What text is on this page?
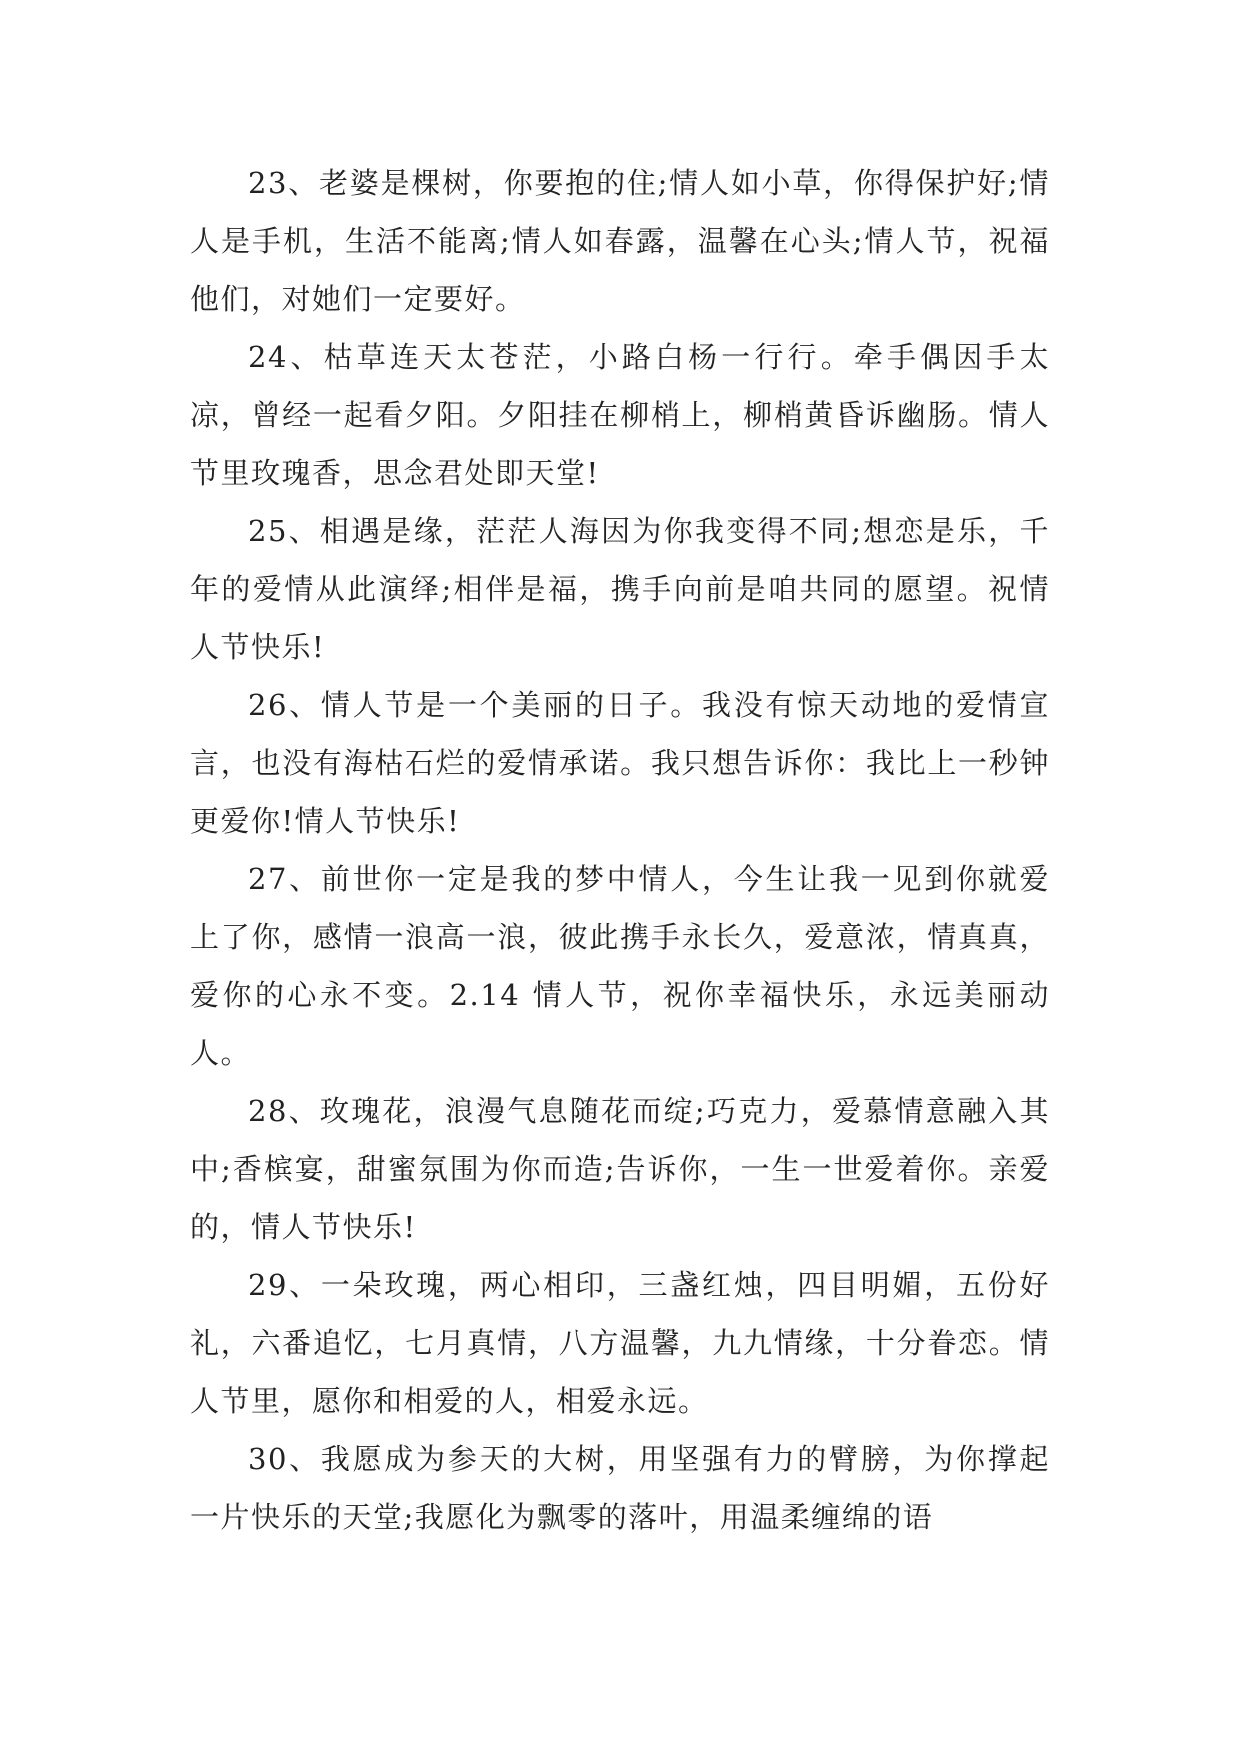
23、老婆是棵树，你要抱的住;情人如小草，你得保护好;情人是手机，生活不能离;情人如春露，温馨在心头;情人节，祝福他们，对她们一定要好。

24、枯草连天太苍茫，小路白杨一行行。牵手偶因手太凉，曾经一起看夕阳。夕阳挂在柳梢上，柳梢黄昏诉幽肠。情人节里玫瑰香，思念君处即天堂!

25、相遇是缘，茫茫人海因为你我变得不同;想恋是乐，千年的爱情从此演绎;相伴是福，携手向前是咱共同的愿望。祝情人节快乐!

26、情人节是一个美丽的日子。我没有惊天动地的爱情宣言，也没有海枯石烂的爱情承诺。我只想告诉你：我比上一秒钟更爱你!情人节快乐!

27、前世你一定是我的梦中情人，今生让我一见到你就爱上了你，感情一浪高一浪，彼此携手永长久，爱意浓，情真真，爱你的心永不变。2.14 情人节，祝你幸福快乐，永远美丽动人。

28、玫瑰花，浪漫气息随花而绽;巧克力，爱慕情意融入其中;香槟宴，甜蜜氛围为你而造;告诉你，一生一世爱着你。亲爱的，情人节快乐!

29、一朵玫瑰，两心相印，三盏红烛，四目明媚，五份好礼，六番追忆，七月真情，八方温馨，九九情缘，十分眷恋。情人节里，愿你和相爱的人，相爱永远。

30、我愿成为参天的大树，用坚强有力的臂膀，为你撑起一片快乐的天堂;我愿化为飘零的落叶，用温柔缠绵的语
